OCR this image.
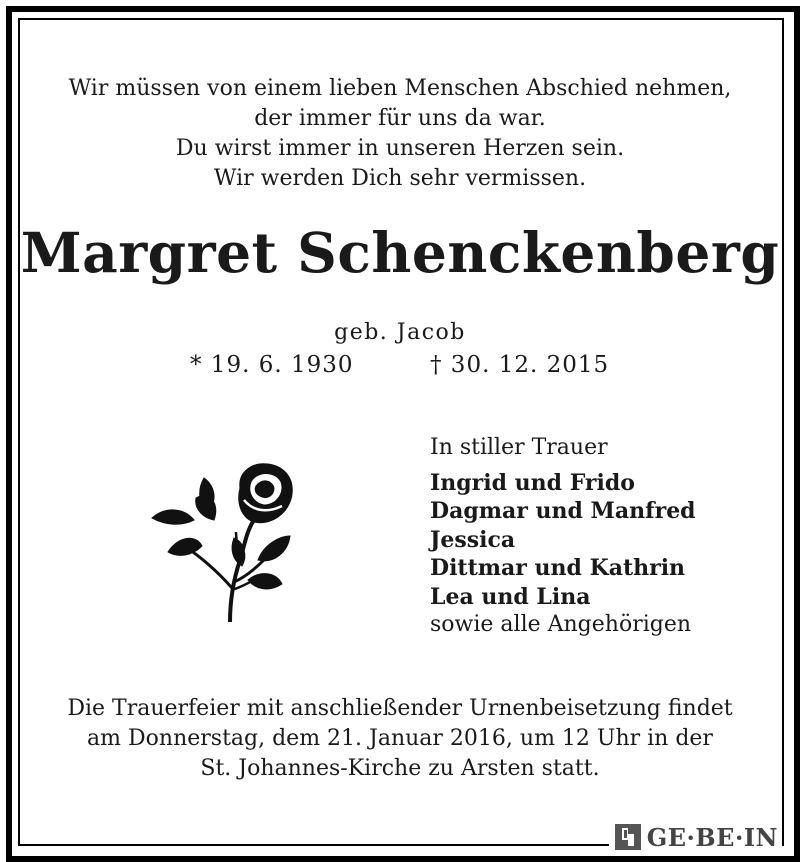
Wir müssen von einem lieben Menschen Abschied nehmen,
der immer für uns da war.
Du wirst immer in unseren Herzen sein.
Wir werden Dich sehr vermissen.
Margret Schenckenberg
geb. Jacob
* 19. 6. 1930	† 30. 12. 2015
In stiller Trauer
Ingrid und Frido
Dagmar und Manfred
Jessica
Dittmar und Kathrin
Lea und Lina
sowie alle Angehörigen
Die Trauerfeier mit anschließender Urnenbeisetzung findet
am Donnerstag, dem 21. Januar 2016, um 12 Uhr in der
St. Johannes-Kirche zu Arsten statt.
GE·BE·IN
